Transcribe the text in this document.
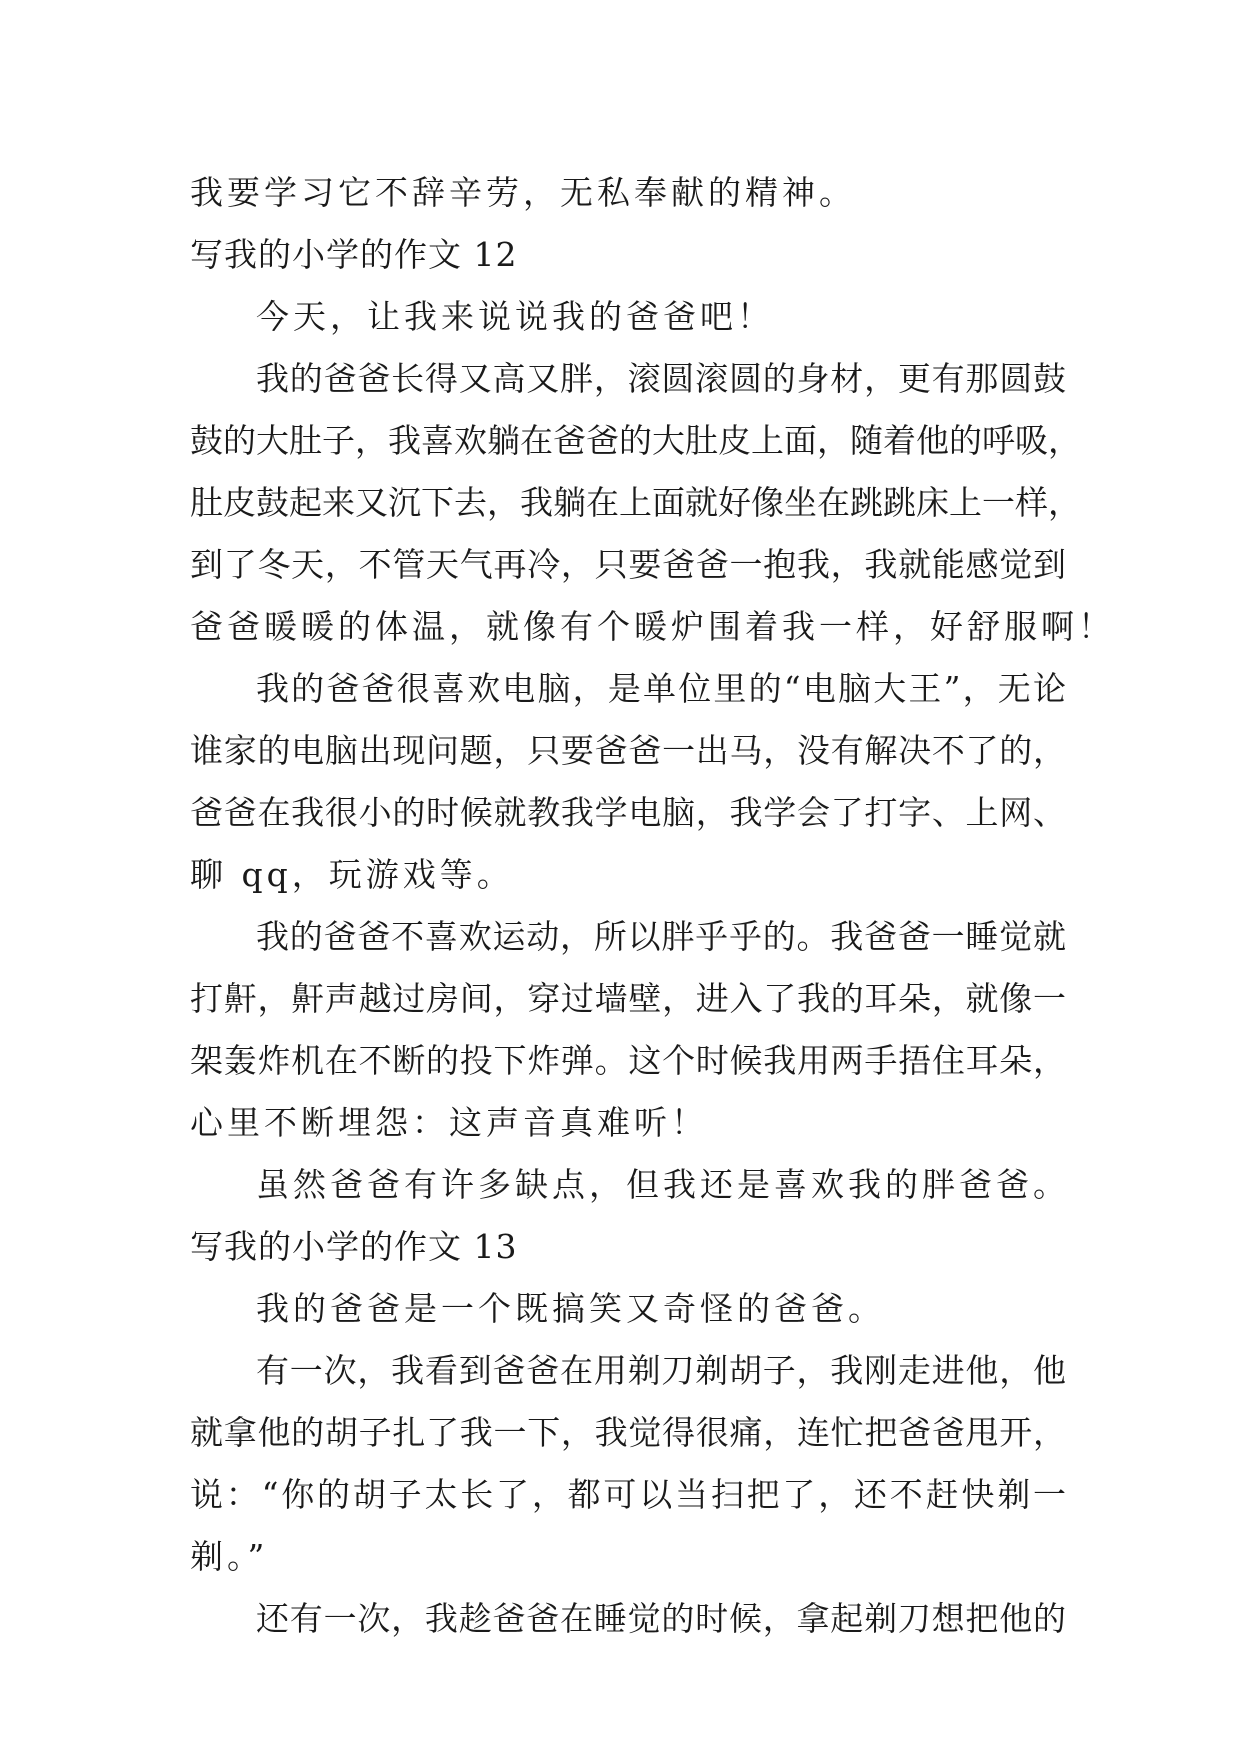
我要学习它不辞辛劳，无私奉献的精神。
写我的小学的作文 12
今天，让我来说说我的爸爸吧！
我的爸爸长得又高又胖，滚圆滚圆的身材，更有那圆鼓
鼓的大肚子，我喜欢躺在爸爸的大肚皮上面，随着他的呼吸，
肚皮鼓起来又沉下去，我躺在上面就好像坐在跳跳床上一样，
到了冬天，不管天气再冷，只要爸爸一抱我，我就能感觉到
爸爸暖暖的体温，就像有个暖炉围着我一样，好舒服啊！
我的爸爸很喜欢电脑，是单位里的“电脑大王”，无论
谁家的电脑出现问题，只要爸爸一出马，没有解决不了的，
爸爸在我很小的时候就教我学电脑，我学会了打字、上网、
聊 qq，玩游戏等。
我的爸爸不喜欢运动，所以胖乎乎的。我爸爸一睡觉就
打鼾，鼾声越过房间，穿过墙壁，进入了我的耳朵，就像一
架轰炸机在不断的投下炸弹。这个时候我用两手捂住耳朵，
心里不断埋怨：这声音真难听！
虽然爸爸有许多缺点，但我还是喜欢我的胖爸爸。
写我的小学的作文 13
我的爸爸是一个既搞笑又奇怪的爸爸。
有一次，我看到爸爸在用剃刀剃胡子，我刚走进他，他
就拿他的胡子扎了我一下，我觉得很痛，连忙把爸爸甩开，
说：“你的胡子太长了，都可以当扫把了，还不赶快剃一
剃。”
还有一次，我趁爸爸在睡觉的时候，拿起剃刀想把他的
